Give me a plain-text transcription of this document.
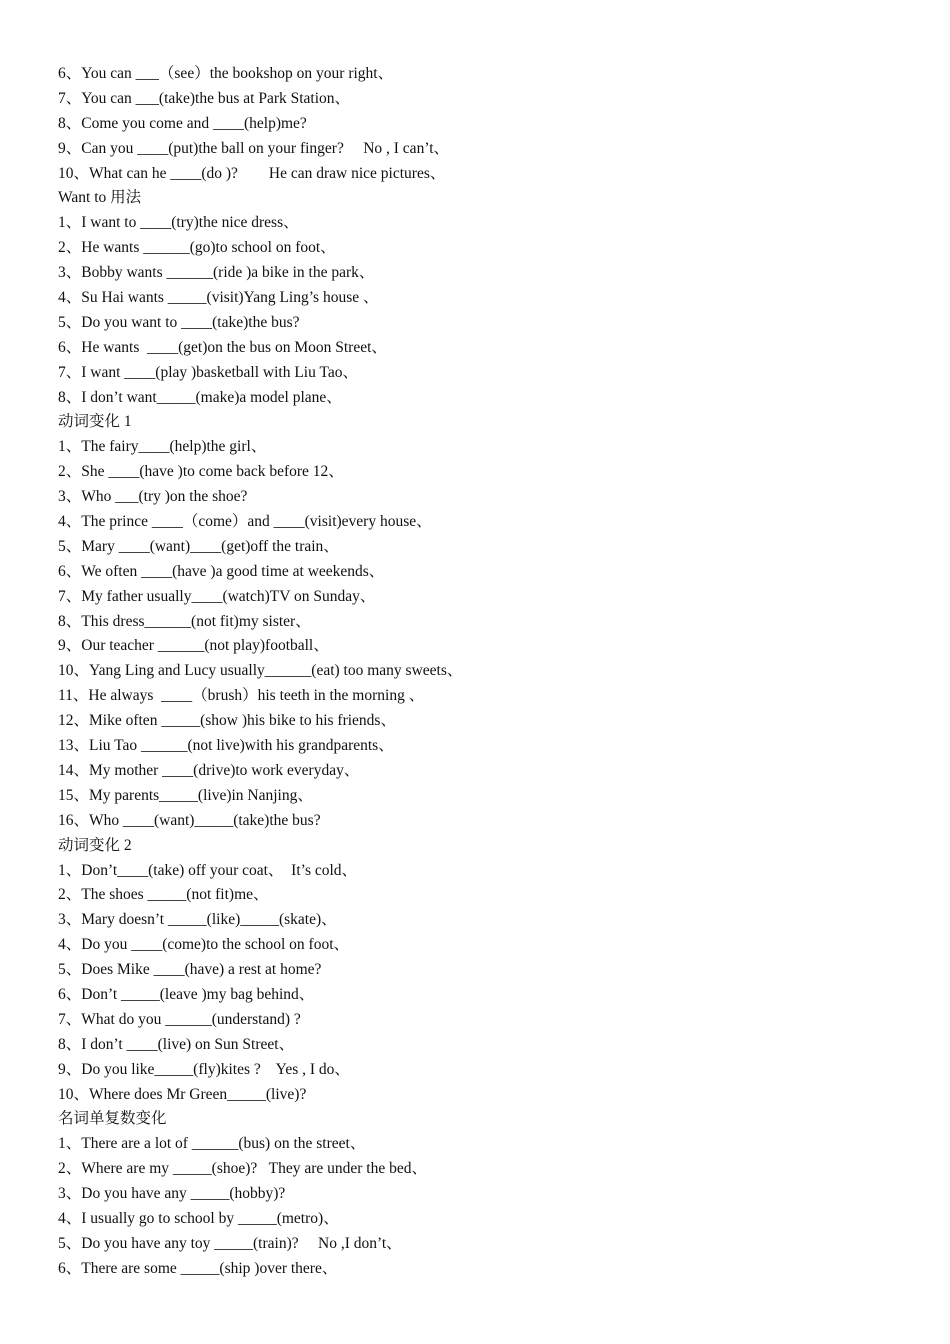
6、You can ___（see）the bookshop on your right、
7、You can ___(take)the bus at Park Station、
8、Come you come and ____(help)me?
9、Can you ____(put)the ball on your finger?     No , I can’t、
10、What can he ____(do )?        He can draw nice pictures、
Want to 用法
1、I want to ____(try)the nice dress、
2、He wants ______(go)to school on foot、
3、Bobby wants ______(ride )a bike in the park、
4、Su Hai wants _____(visit)Yang Ling’s house 、
5、Do you want to ____(take)the bus?
6、He wants  ____(get)on the bus on Moon Street、
7、I want ____(play )basketball with Liu Tao、
8、I don’t want_____(make)a model plane、
动词变化 1
1、The fairy____(help)the girl、
2、She ____(have )to come back before 12、
3、Who ___(try )on the shoe?
4、The prince ____（come）and ____(visit)every house、
5、Mary ____(want)____(get)off the train、
6、We often ____(have )a good time at weekends、
7、My father usually____(watch)TV on Sunday、
8、This dress______(not fit)my sister、
9、Our teacher ______(not play)football、
10、Yang Ling and Lucy usually______(eat) too many sweets、
11、He always  ____（brush）his teeth in the morning 、
12、Mike often _____(show )his bike to his friends、
13、Liu Tao ______(not live)with his grandparents、
14、My mother ____(drive)to work everyday、
15、My parents_____(live)in Nanjing、
16、Who ____(want)_____(take)the bus?
动词变化 2
1、Don’t____(take) off your coat、  It’s cold、
2、The shoes _____(not fit)me、
3、Mary doesn’t _____(like)_____(skate)、
4、Do you ____(come)to the school on foot、
5、Does Mike ____(have) a rest at home?
6、Don’t _____(leave )my bag behind、
7、What do you ______(understand) ?
8、I don’t ____(live) on Sun Street、
9、Do you like_____(fly)kites ?    Yes , I do、
10、Where does Mr Green_____(live)?
名词单复数变化
1、There are a lot of ______(bus) on the street、
2、Where are my _____(shoe)?   They are under the bed、
3、Do you have any _____(hobby)?
4、I usually go to school by _____(metro)、
5、Do you have any toy _____(train)?     No ,I don’t、
6、There are some _____(ship )over there、
